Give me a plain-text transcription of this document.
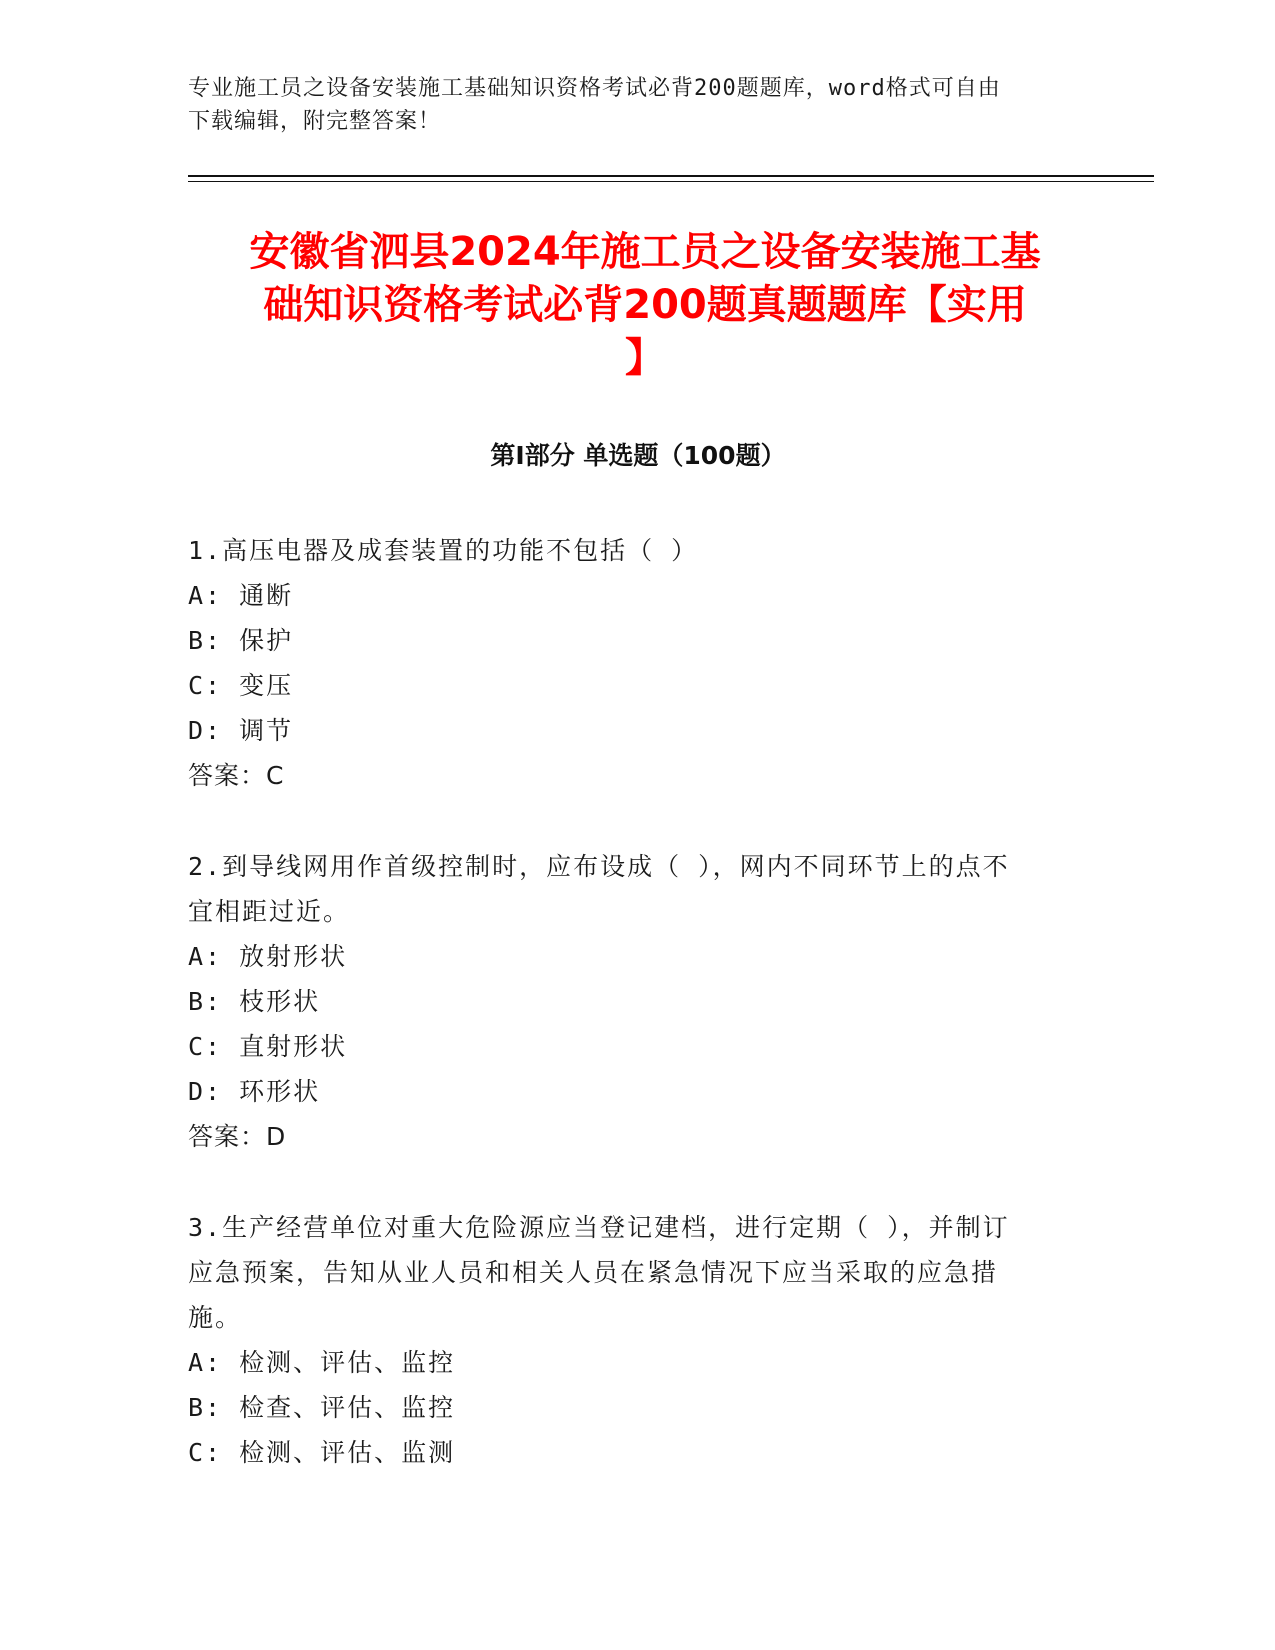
专业施工员之设备安装施工基础知识资格考试必背200题题库，word格式可自由
下载编辑，附完整答案！
安徽省泗县2024年施工员之设备安装施工基
础知识资格考试必背200题真题题库【实用
】
第I部分 单选题（100题）
1.高压电器及成套装置的功能不包括（ ）
A: 通断
B: 保护
C: 变压
D: 调节
答案：C
2.到导线网用作首级控制时，应布设成（ ），网内不同环节上的点不
宜相距过近。
A: 放射形状
B: 枝形状
C: 直射形状
D: 环形状
答案：D
3.生产经营单位对重大危险源应当登记建档，进行定期（ ），并制订
应急预案，告知从业人员和相关人员在紧急情况下应当采取的应急措
施。
A: 检测、评估、监控
B: 检查、评估、监控
C: 检测、评估、监测
